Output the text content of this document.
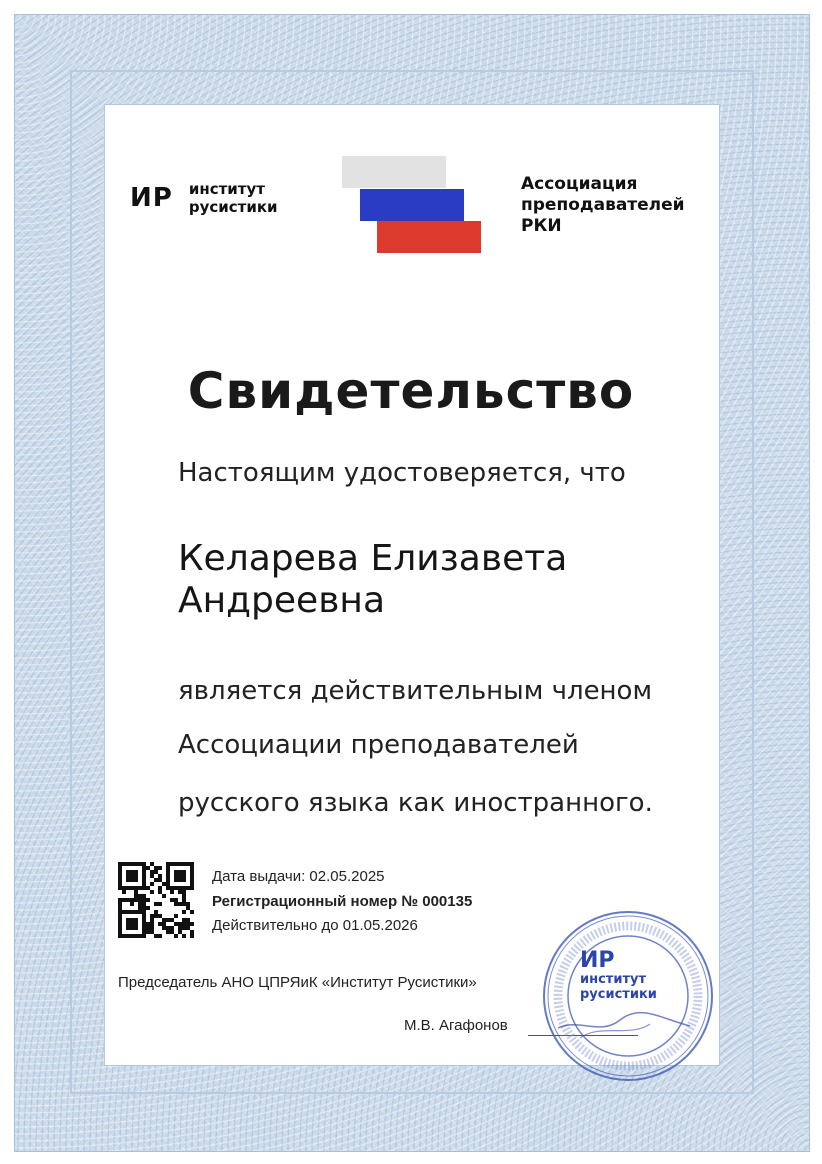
ИР институт
русистики
Ассоциация
преподавателей
РКИ
Свидетельство
Настоящим удостоверяется, что
Келарева Елизавета
Андреевна
является действительным членом
Ассоциации преподавателей
русского языка как иностранного.
Дата выдачи: 02.05.2025
Регистрационный номер № 000135
Действительно до 01.05.2026
Председатель АНО ЦПРЯиК «Институт Русистики»
М.В. Агафонов
ИР
институт
русистики
